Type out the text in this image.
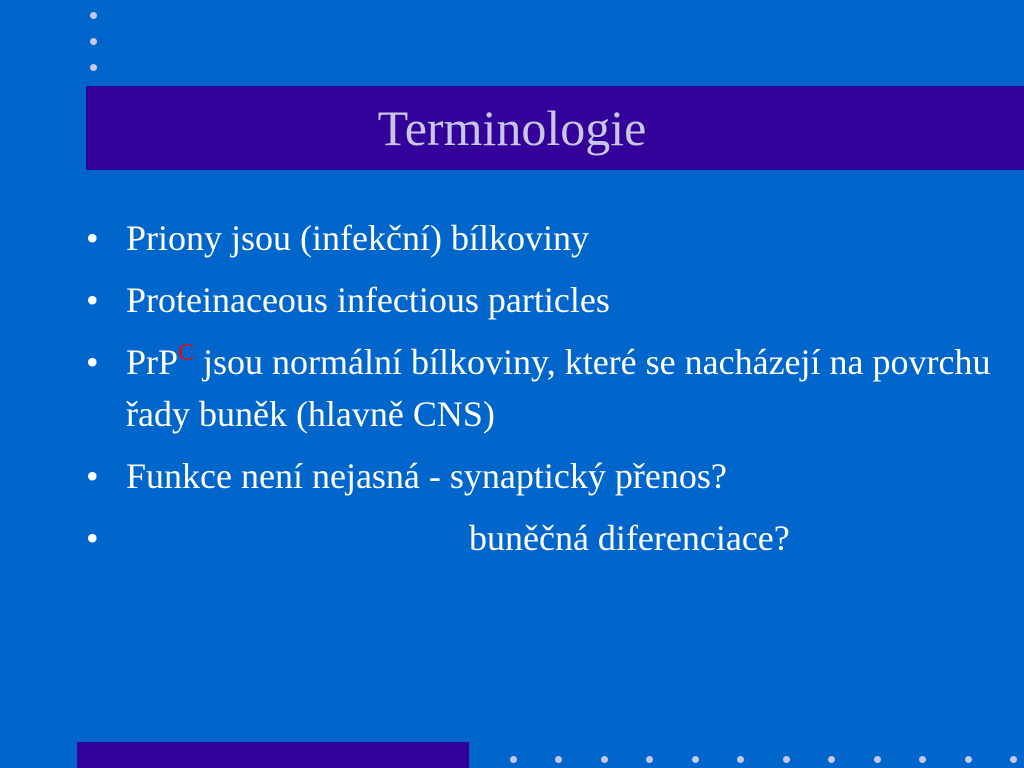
Terminologie
• Priony jsou (infekční) bílkoviny
• Proteinaceous infectious particles
• PrP$^C$ jsou normální bílkoviny, které se nacházejí na povrchu řady buněk (hlavně CNS)
• Funkce není nejasná - synaptický přenos?
•	buněčná diferenciace?
